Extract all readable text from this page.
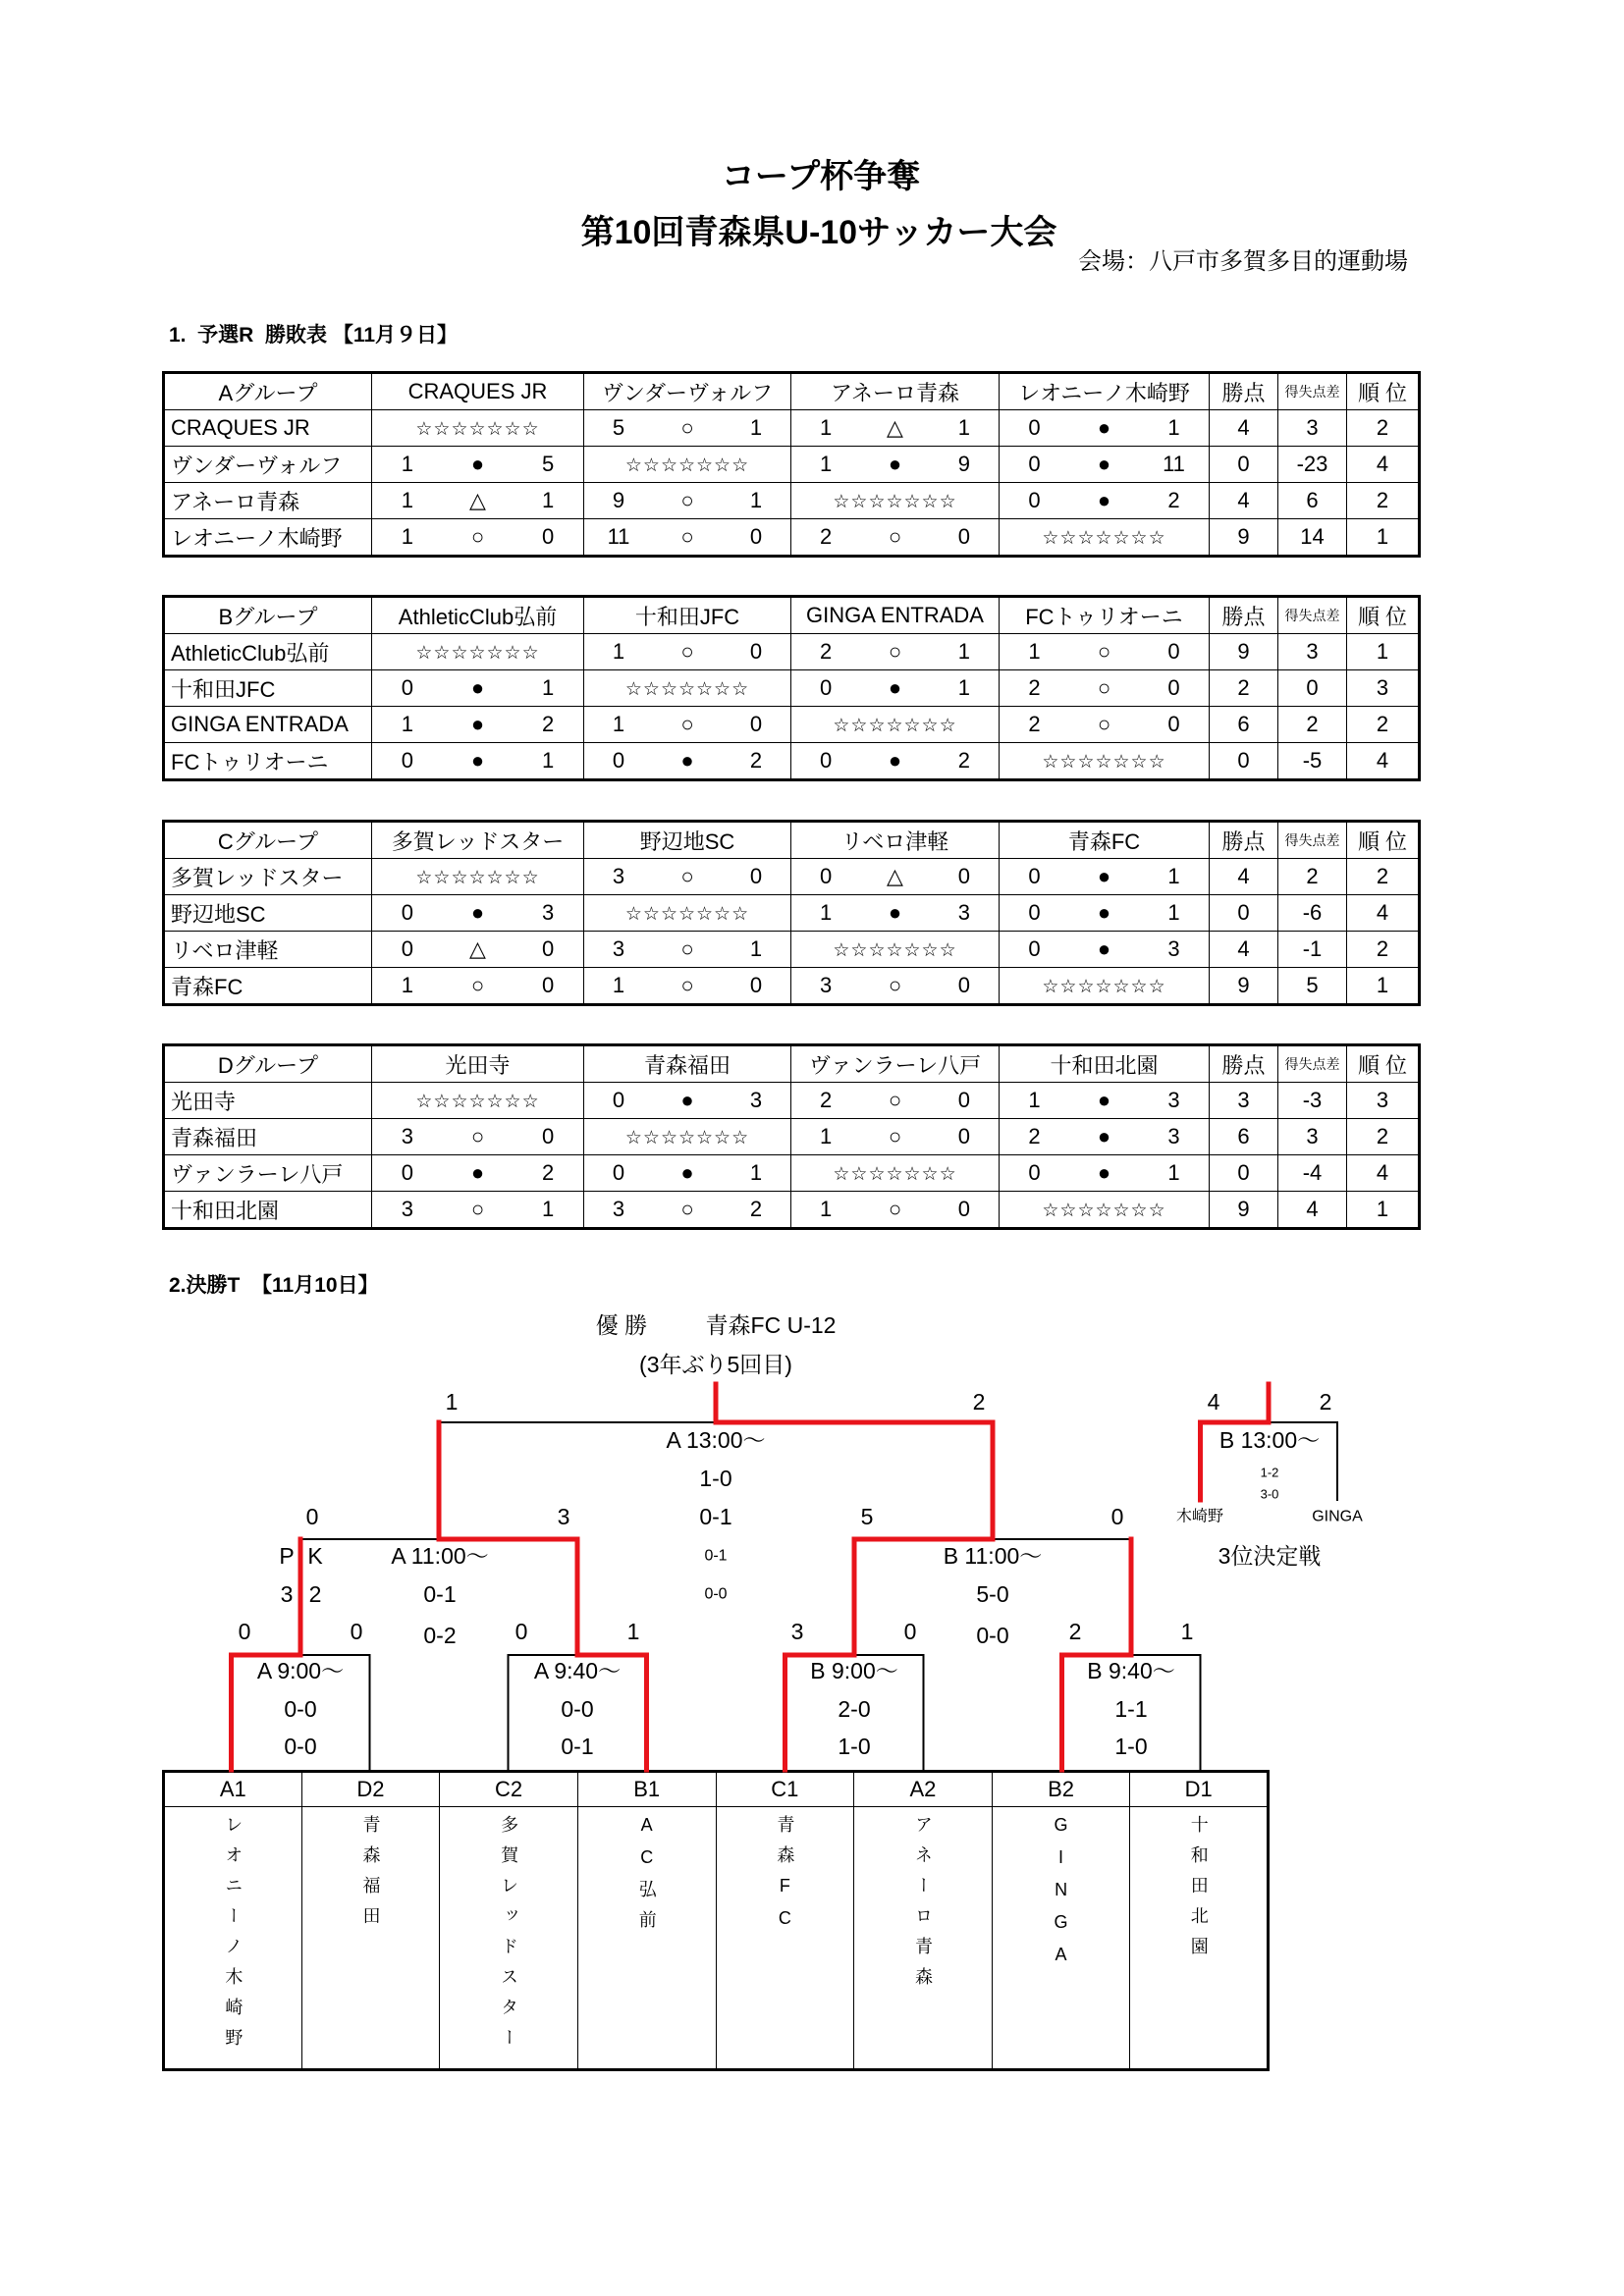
コープ杯争奪
第10回青森県U-10サッカー大会
会場：八戸市多賀多目的運動場
1.  予選R  勝敗表 【11月９日】
Aグループ	CRAQUES JR	ヴンダーヴォルフ	アネーロ青森	レオニーノ木崎野	勝点	得失点差	順 位
CRAQUES JR	☆☆☆☆☆☆☆	5 ○ 1	1 △ 1	0 ● 1	4	3	2
ヴンダーヴォルフ	1 ● 5	☆☆☆☆☆☆☆	1 ● 9	0 ● 11	0	-23	4
アネーロ青森	1 △ 1	9 ○ 1	☆☆☆☆☆☆☆	0 ● 2	4	6	2
レオニーノ木崎野	1 ○ 0	11 ○ 0	2 ○ 0	☆☆☆☆☆☆☆	9	14	1
Bグループ	AthleticClub弘前	十和田JFC	GINGA ENTRADA	FCトゥリオーニ	勝点	得失点差	順 位
AthleticClub弘前	☆☆☆☆☆☆☆	1 ○ 0	2 ○ 1	1 ○ 0	9	3	1
十和田JFC	0 ● 1	☆☆☆☆☆☆☆	0 ● 1	2 ○ 0	2	0	3
GINGA ENTRADA	1 ● 2	1 ○ 0	☆☆☆☆☆☆☆	2 ○ 0	6	2	2
FCトゥリオーニ	0 ● 1	0 ● 2	0 ● 2	☆☆☆☆☆☆☆	0	-5	4
Cグループ	多賀レッドスター	野辺地SC	リベロ津軽	青森FC	勝点	得失点差	順 位
多賀レッドスター	☆☆☆☆☆☆☆	3 ○ 0	0 △ 0	0 ● 1	4	2	2
野辺地SC	0 ● 3	☆☆☆☆☆☆☆	1 ● 3	0 ● 1	0	-6	4
リベロ津軽	0 △ 0	3 ○ 1	☆☆☆☆☆☆☆	0 ● 3	4	-1	2
青森FC	1 ○ 0	1 ○ 0	3 ○ 0	☆☆☆☆☆☆☆	9	5	1
Dグループ	光田寺	青森福田	ヴァンラーレ八戸	十和田北園	勝点	得失点差	順 位
光田寺	☆☆☆☆☆☆☆	0 ● 3	2 ○ 0	1 ● 3	3	-3	3
青森福田	3 ○ 0	☆☆☆☆☆☆☆	1 ○ 0	2 ● 3	6	3	2
ヴァンラーレ八戸	0 ● 2	0 ● 1	☆☆☆☆☆☆☆	0 ● 1	0	-4	4
十和田北園	3 ○ 1	3 ○ 2	1 ○ 0	☆☆☆☆☆☆☆	9	4	1
2.決勝T  【11月10日】
A1	D2	C2	B1	C1	A2	B2	D1
レオニーノ木崎野	青森福田	多賀レッドスター	AC弘前	青森FC	アネーロ青森	GINGA	十和田北園
優 勝	青森FC U-12
(3年ぶり5回目)
1	2
A 13:00〜
1-0
0-1
0-1
0-0
4	2
B 13:00〜
1-2
3-0
木崎野	GINGA
3位決定戦
0	3
A 11:00〜
0-1
0-2
P K
3 2
5	0
B 11:00〜
5-0
0-0
0	0
A 9:00〜
0-0
0-0
0	1
A 9:40〜
0-0
0-1
3	0
B 9:00〜
2-0
1-0
2	1
B 9:40〜
1-1
1-0
